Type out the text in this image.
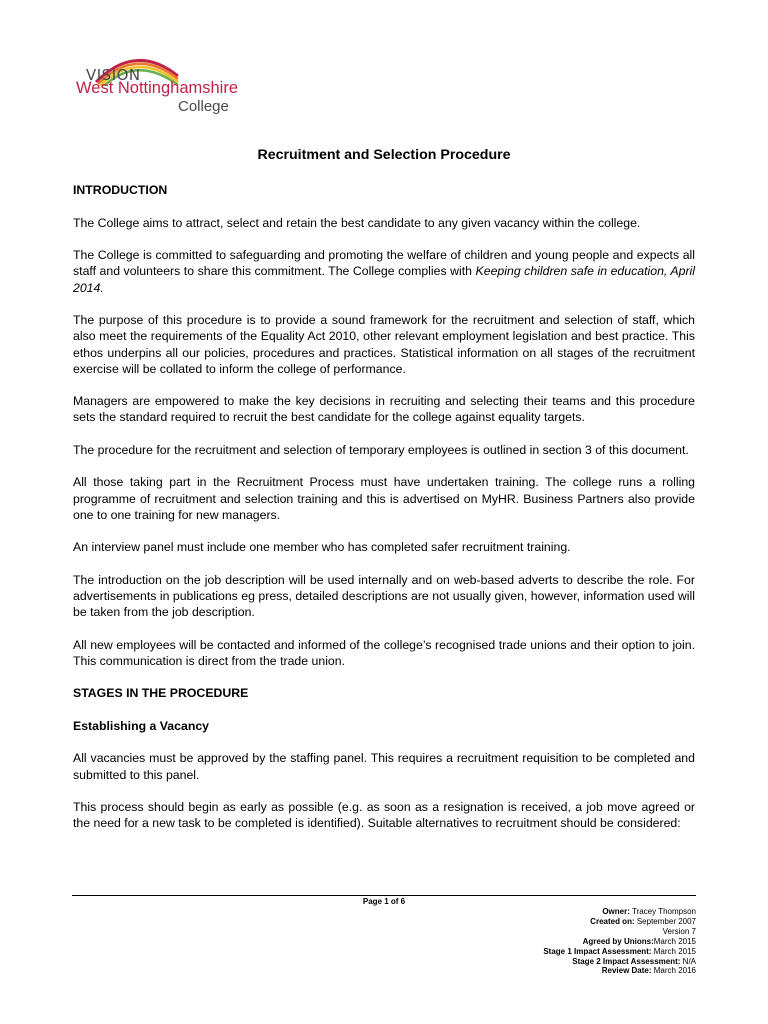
VISION
West Nottinghamshire
College
Recruitment and Selection Procedure
INTRODUCTION

The College aims to attract, select and retain the best candidate to any given vacancy within the college.

The College is committed to safeguarding and promoting the welfare of children and young people and expects all staff and volunteers to share this commitment. The College complies with Keeping children safe in education, April 2014.

The purpose of this procedure is to provide a sound framework for the recruitment and selection of staff, which also meet the requirements of the Equality Act 2010, other relevant employment legislation and best practice. This ethos underpins all our policies, procedures and practices. Statistical information on all stages of the recruitment exercise will be collated to inform the college of performance.

Managers are empowered to make the key decisions in recruiting and selecting their teams and this procedure sets the standard required to recruit the best candidate for the college against equality targets.

The procedure for the recruitment and selection of temporary employees is outlined in section 3 of this document.

All those taking part in the Recruitment Process must have undertaken training. The college runs a rolling programme of recruitment and selection training and this is advertised on MyHR. Business Partners also provide one to one training for new managers.

An interview panel must include one member who has completed safer recruitment training.

The introduction on the job description will be used internally and on web-based adverts to describe the role. For advertisements in publications eg press, detailed descriptions are not usually given, however, information used will be taken from the job description.

All new employees will be contacted and informed of the college’s recognised trade unions and their option to join. This communication is direct from the trade union.

STAGES IN THE PROCEDURE
Establishing a Vacancy

All vacancies must be approved by the staffing panel. This requires a recruitment requisition to be completed and submitted to this panel.

This process should begin as early as possible (e.g. as soon as a resignation is received, a job move agreed or the need for a new task to be completed is identified). Suitable alternatives to recruitment should be considered:

Page 1 of 6
Owner: Tracey Thompson
Created on: September 2007
Version 7
Agreed by Unions:March 2015
Stage 1 Impact Assessment: March 2015
Stage 2 Impact Assessment: N/A
Review Date: March 2016
